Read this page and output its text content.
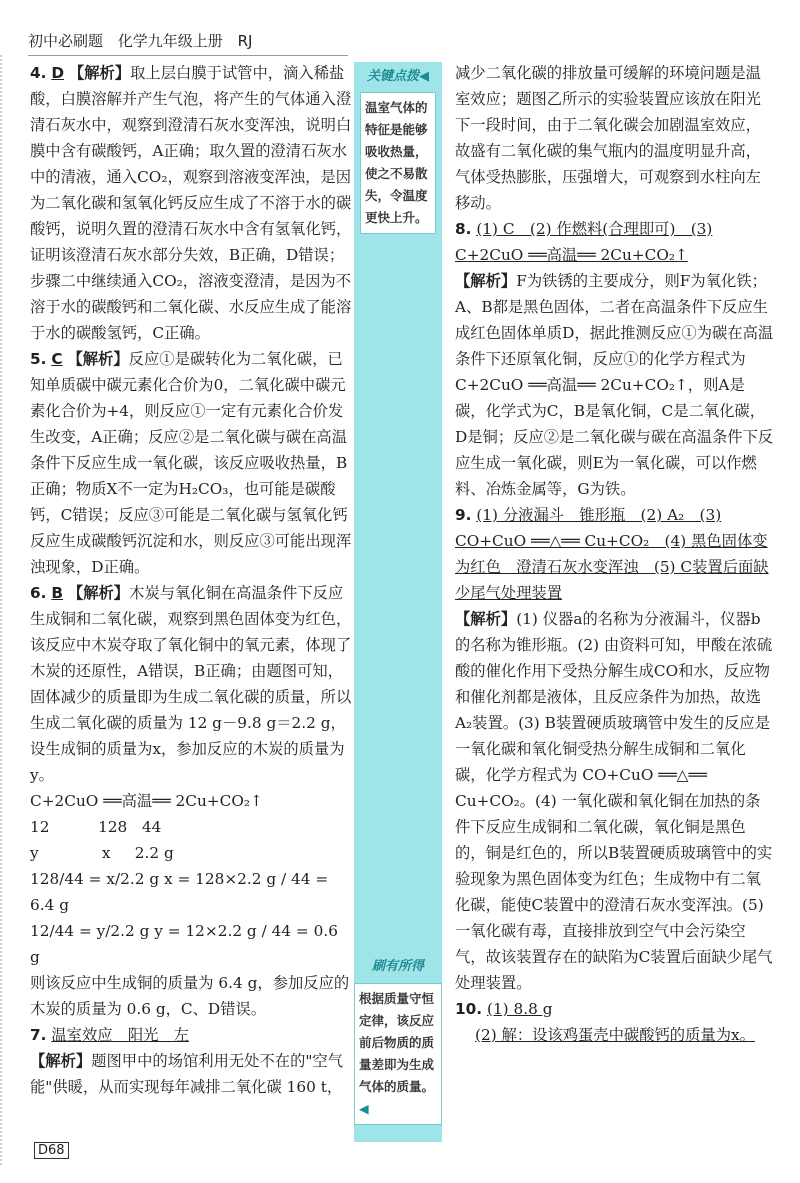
初中必刷题 化学九年级上册 RJ

4. D 【解析】取上层白膜于试管中，滴入稀盐酸，白膜溶解并产生气泡，将产生的气体通入澄清石灰水中，观察到澄清石灰水变浑浊，说明白膜中含有碳酸钙，A正确；取久置的澄清石灰水中的清液，通入CO₂，观察到溶液变浑浊，是因为二氧化碳和氢氧化钙反应生成了不溶于水的碳酸钙，说明久置的澄清石灰水中含有氢氧化钙，证明该澄清石灰水部分失效，B正确，D错误；步骤二中继续通入CO₂，溶液变澄清，是因为不溶于水的碳酸钙和二氧化碳、水反应生成了能溶于水的碳酸氢钙，C正确。

5. C 【解析】反应①是碳转化为二氧化碳，已知单质碳中碳元素化合价为0，二氧化碳中碳元素化合价为+4，则反应①一定有元素化合价发生改变，A正确；反应②是二氧化碳与碳在高温条件下反应生成一氧化碳，该反应吸收热量，B正确；物质X不一定为H₂CO₃，也可能是碳酸钙，C错误；反应③可能是二氧化碳与氢氧化钙反应生成碳酸钙沉淀和水，则反应③可能出现浑浊现象，D正确。

6. B 【解析】木炭与氧化铜在高温条件下反应生成铜和二氧化碳，观察到黑色固体变为红色，该反应中木炭夺取了氧化铜中的氧元素，体现了木炭的还原性，A错误，B正确；由题图可知，固体减少的质量即为生成二氧化碳的质量，所以生成二氧化碳的质量为 12 g－9.8 g＝2.2 g，设生成铜的质量为x，参加反应的木炭的质量为y。

C+2CuO ══高温══ 2Cu+CO₂↑

12          128   44

y             x     2.2 g

128/44 = x/2.2 g x = 128×2.2 g / 44 = 6.4 g

12/44 = y/2.2 g y = 12×2.2 g / 44 = 0.6 g

则该反应中生成铜的质量为 6.4 g，参加反应的木炭的质量为 0.6 g，C、D错误。

7. 温室效应　阳光　左

【解析】题图甲中的场馆利用无处不在的"空气能"供暖，从而实现每年减排二氧化碳 160 t，

关键点拨◀
温室气体的特征是能够吸收热量，使之不易散失，令温度更快上升。
刷有所得
根据质量守恒定律，该反应前后物质的质量差即为生成气体的质量。◀

减少二氧化碳的排放量可缓解的环境问题是温室效应；题图乙所示的实验装置应该放在阳光下一段时间，由于二氧化碳会加剧温室效应，故盛有二氧化碳的集气瓶内的温度明显升高，气体受热膨胀，压强增大，可观察到水柱向左移动。

8. (1) C　(2) 作燃料(合理即可)　(3) C+2CuO ══高温══ 2Cu+CO₂↑

【解析】F为铁锈的主要成分，则F为氧化铁；A、B都是黑色固体，二者在高温条件下反应生成红色固体单质D，据此推测反应①为碳在高温条件下还原氧化铜，反应①的化学方程式为 C+2CuO ══高温══ 2Cu+CO₂↑，则A是碳，化学式为C，B是氧化铜，C是二氧化碳，D是铜；反应②是二氧化碳与碳在高温条件下反应生成一氧化碳，则E为一氧化碳，可以作燃料、冶炼金属等，G为铁。

9. (1) 分液漏斗　锥形瓶　(2) A₂　(3) CO+CuO ══△══ Cu+CO₂　(4) 黑色固体变为红色　澄清石灰水变浑浊　(5) C装置后面缺少尾气处理装置

【解析】(1) 仪器a的名称为分液漏斗，仪器b的名称为锥形瓶。(2) 由资料可知，甲酸在浓硫酸的催化作用下受热分解生成CO和水，反应物和催化剂都是液体，且反应条件为加热，故选A₂装置。(3) B装置硬质玻璃管中发生的反应是一氧化碳和氧化铜受热分解生成铜和二氧化碳，化学方程式为 CO+CuO ══△══ Cu+CO₂。(4) 一氧化碳和氧化铜在加热的条件下反应生成铜和二氧化碳，氧化铜是黑色的，铜是红色的，所以B装置硬质玻璃管中的实验现象为黑色固体变为红色；生成物中有二氧化碳，能使C装置中的澄清石灰水变浑浊。(5) 一氧化碳有毒，直接排放到空气中会污染空气，故该装置存在的缺陷为C装置后面缺少尾气处理装置。

10. (1) 8.8 g

(2) 解：设该鸡蛋壳中碳酸钙的质量为x。

D68
